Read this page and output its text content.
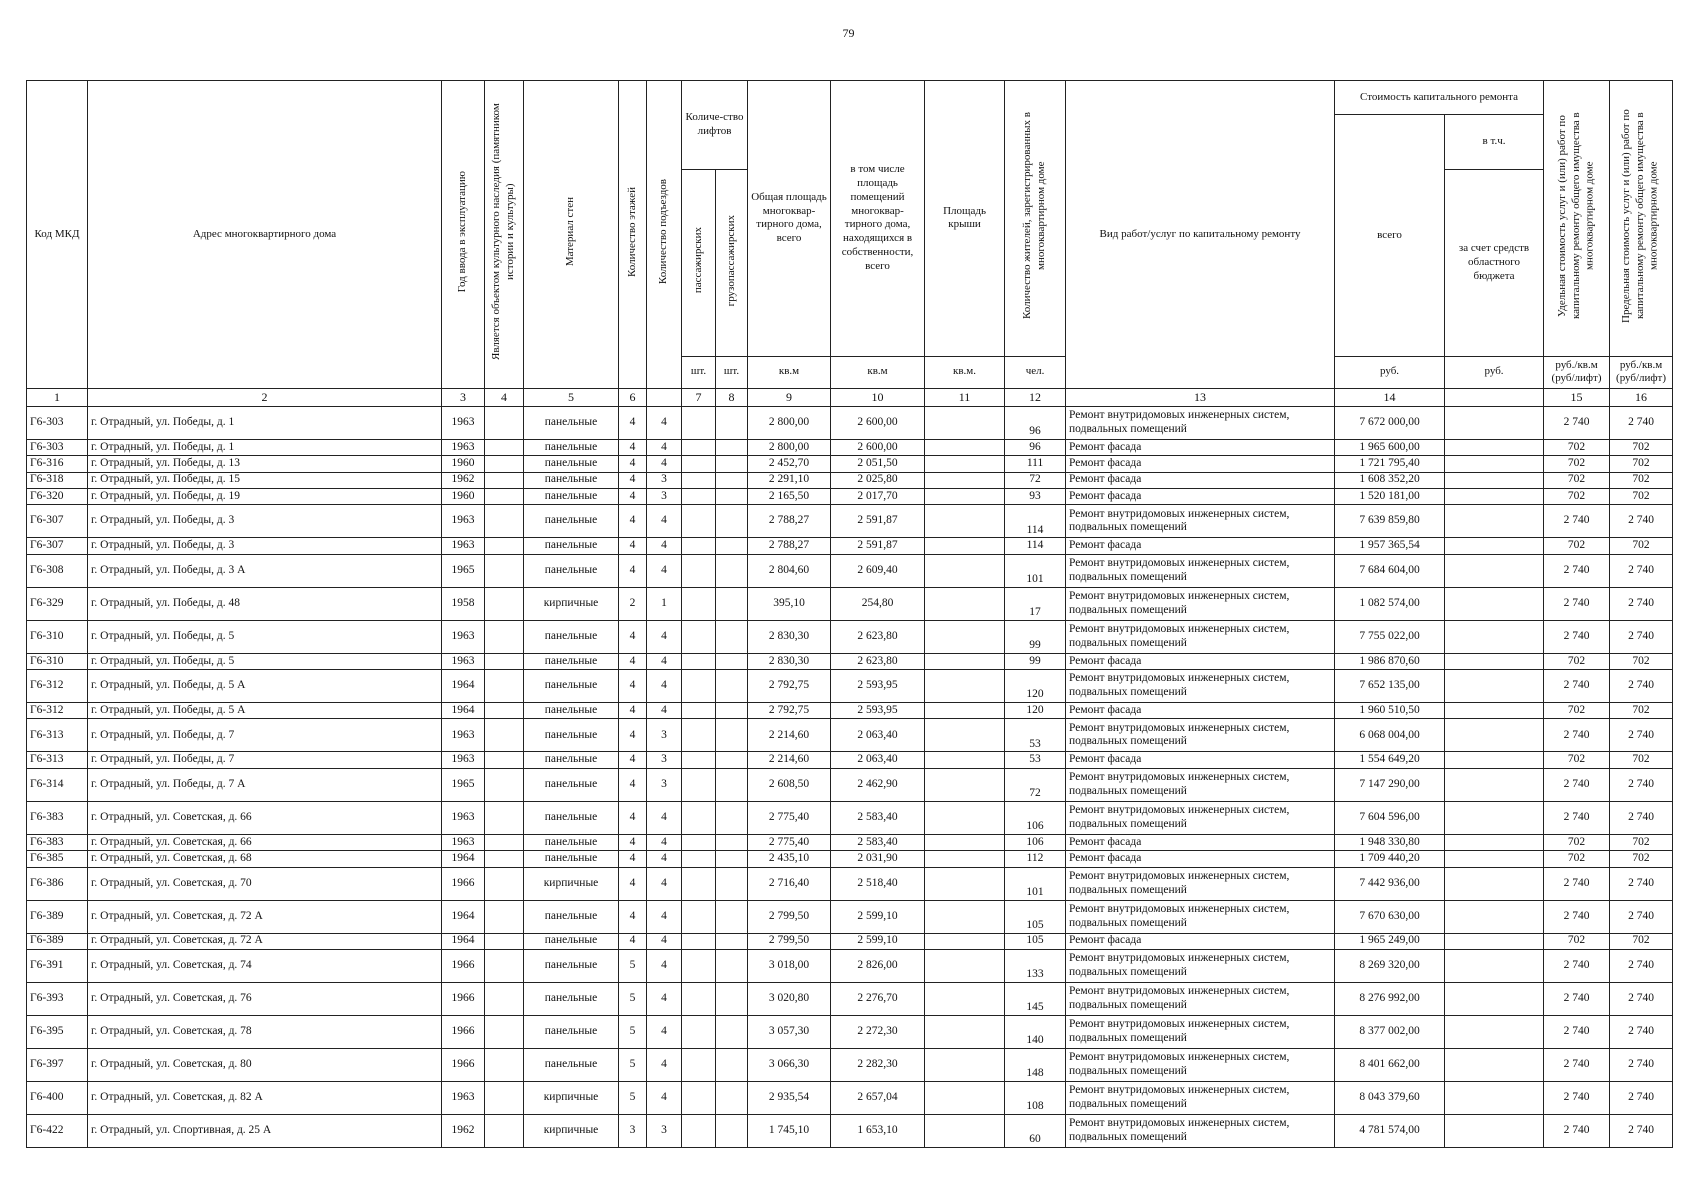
79
Код МКД	Адрес многоквартирного дома	Год ввода в эксплуатацию	Является объектом культурного наследия (памятником истории и культуры)	Материал стен	Количество этажей	Количество подъездов	Количе-ство лифтов		Общая площадь многоквар-тирного дома, всего	в том числе площадь помещений многоквар-тирного дома, находящихся в собственности, всего	Площадь крыши	Количество жителей, зарегистрированных в многоквартирном доме	Вид работ/услуг по капитальному ремонту	Стоимость капитального ремонта		Удельная стоимость услуг и (или) работ по капитальному ремонту общего имущества в многоквартирном доме	Предельная стоимость услуг и (или) работ по капитальному ремонту общего имущества в многоквартирном доме
														всего	в т.ч.		
							пассажирских	грузопассажирских							за счет средств областного бюджета		
							шт.	шт.	кв.м	кв.м	кв.м.	чел.		руб.	руб.	руб./кв.м (руб/лифт)	руб./кв.м (руб/лифт)
1	2	3	4	5	6		7	8	9	10	11	12	13	14		15	16
Г6-303	г. Отрадный, ул. Победы, д. 1	1963		панельные	4	4			2 800,00	2 600,00		96	Ремонт внутридомовых инженерных систем, подвальных помещений	7 672 000,00		2 740	2 740
Г6-303	г. Отрадный, ул. Победы, д. 1	1963		панельные	4	4			2 800,00	2 600,00		96	Ремонт фасада	1 965 600,00		702	702
Г6-316	г. Отрадный, ул. Победы, д. 13	1960		панельные	4	4			2 452,70	2 051,50		111	Ремонт фасада	1 721 795,40		702	702
Г6-318	г. Отрадный, ул. Победы, д. 15	1962		панельные	4	3			2 291,10	2 025,80		72	Ремонт фасада	1 608 352,20		702	702
Г6-320	г. Отрадный, ул. Победы, д. 19	1960		панельные	4	3			2 165,50	2 017,70		93	Ремонт фасада	1 520 181,00		702	702
Г6-307	г. Отрадный, ул. Победы, д. 3	1963		панельные	4	4			2 788,27	2 591,87		114	Ремонт внутридомовых инженерных систем, подвальных помещений	7 639 859,80		2 740	2 740
Г6-307	г. Отрадный, ул. Победы, д. 3	1963		панельные	4	4			2 788,27	2 591,87		114	Ремонт фасада	1 957 365,54		702	702
Г6-308	г. Отрадный, ул. Победы, д. 3 А	1965		панельные	4	4			2 804,60	2 609,40		101	Ремонт внутридомовых инженерных систем, подвальных помещений	7 684 604,00		2 740	2 740
Г6-329	г. Отрадный, ул. Победы, д. 48	1958		кирпичные	2	1			395,10	254,80		17	Ремонт внутридомовых инженерных систем, подвальных помещений	1 082 574,00		2 740	2 740
Г6-310	г. Отрадный, ул. Победы, д. 5	1963		панельные	4	4			2 830,30	2 623,80		99	Ремонт внутридомовых инженерных систем, подвальных помещений	7 755 022,00		2 740	2 740
Г6-310	г. Отрадный, ул. Победы, д. 5	1963		панельные	4	4			2 830,30	2 623,80		99	Ремонт фасада	1 986 870,60		702	702
Г6-312	г. Отрадный, ул. Победы, д. 5 А	1964		панельные	4	4			2 792,75	2 593,95		120	Ремонт внутридомовых инженерных систем, подвальных помещений	7 652 135,00		2 740	2 740
Г6-312	г. Отрадный, ул. Победы, д. 5 А	1964		панельные	4	4			2 792,75	2 593,95		120	Ремонт фасада	1 960 510,50		702	702
Г6-313	г. Отрадный, ул. Победы, д. 7	1963		панельные	4	3			2 214,60	2 063,40		53	Ремонт внутридомовых инженерных систем, подвальных помещений	6 068 004,00		2 740	2 740
Г6-313	г. Отрадный, ул. Победы, д. 7	1963		панельные	4	3			2 214,60	2 063,40		53	Ремонт фасада	1 554 649,20		702	702
Г6-314	г. Отрадный, ул. Победы, д. 7 А	1965		панельные	4	3			2 608,50	2 462,90		72	Ремонт внутридомовых инженерных систем, подвальных помещений	7 147 290,00		2 740	2 740
Г6-383	г. Отрадный, ул. Советская, д. 66	1963		панельные	4	4			2 775,40	2 583,40		106	Ремонт внутридомовых инженерных систем, подвальных помещений	7 604 596,00		2 740	2 740
Г6-383	г. Отрадный, ул. Советская, д. 66	1963		панельные	4	4			2 775,40	2 583,40		106	Ремонт фасада	1 948 330,80		702	702
Г6-385	г. Отрадный, ул. Советская, д. 68	1964		панельные	4	4			2 435,10	2 031,90		112	Ремонт фасада	1 709 440,20		702	702
Г6-386	г. Отрадный, ул. Советская, д. 70	1966		кирпичные	4	4			2 716,40	2 518,40		101	Ремонт внутридомовых инженерных систем, подвальных помещений	7 442 936,00		2 740	2 740
Г6-389	г. Отрадный, ул. Советская, д. 72 А	1964		панельные	4	4			2 799,50	2 599,10		105	Ремонт внутридомовых инженерных систем, подвальных помещений	7 670 630,00		2 740	2 740
Г6-389	г. Отрадный, ул. Советская, д. 72 А	1964		панельные	4	4			2 799,50	2 599,10		105	Ремонт фасада	1 965 249,00		702	702
Г6-391	г. Отрадный, ул. Советская, д. 74	1966		панельные	5	4			3 018,00	2 826,00		133	Ремонт внутридомовых инженерных систем, подвальных помещений	8 269 320,00		2 740	2 740
Г6-393	г. Отрадный, ул. Советская, д. 76	1966		панельные	5	4			3 020,80	2 276,70		145	Ремонт внутридомовых инженерных систем, подвальных помещений	8 276 992,00		2 740	2 740
Г6-395	г. Отрадный, ул. Советская, д. 78	1966		панельные	5	4			3 057,30	2 272,30		140	Ремонт внутридомовых инженерных систем, подвальных помещений	8 377 002,00		2 740	2 740
Г6-397	г. Отрадный, ул. Советская, д. 80	1966		панельные	5	4			3 066,30	2 282,30		148	Ремонт внутридомовых инженерных систем, подвальных помещений	8 401 662,00		2 740	2 740
Г6-400	г. Отрадный, ул. Советская, д. 82 А	1963		кирпичные	5	4			2 935,54	2 657,04		108	Ремонт внутридомовых инженерных систем, подвальных помещений	8 043 379,60		2 740	2 740
Г6-422	г. Отрадный, ул. Спортивная, д. 25 А	1962		кирпичные	3	3			1 745,10	1 653,10		60	Ремонт внутридомовых инженерных систем, подвальных помещений	4 781 574,00		2 740	2 740
